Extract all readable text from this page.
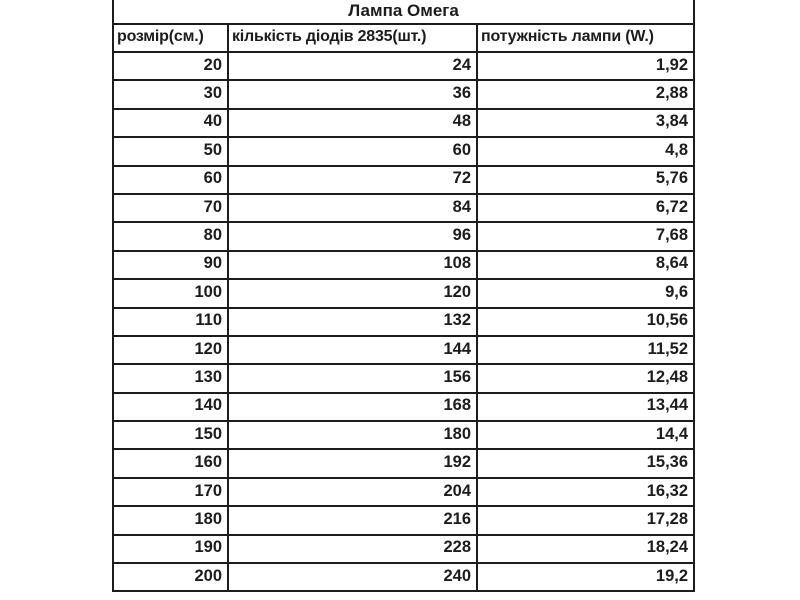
Лампа Омега		
розмір(см.)	кількість діодів 2835(шт.)	потужність лампи (W.)
20	24	1,92
30	36	2,88
40	48	3,84
50	60	4,8
60	72	5,76
70	84	6,72
80	96	7,68
90	108	8,64
100	120	9,6
110	132	10,56
120	144	11,52
130	156	12,48
140	168	13,44
150	180	14,4
160	192	15,36
170	204	16,32
180	216	17,28
190	228	18,24
200	240	19,2
